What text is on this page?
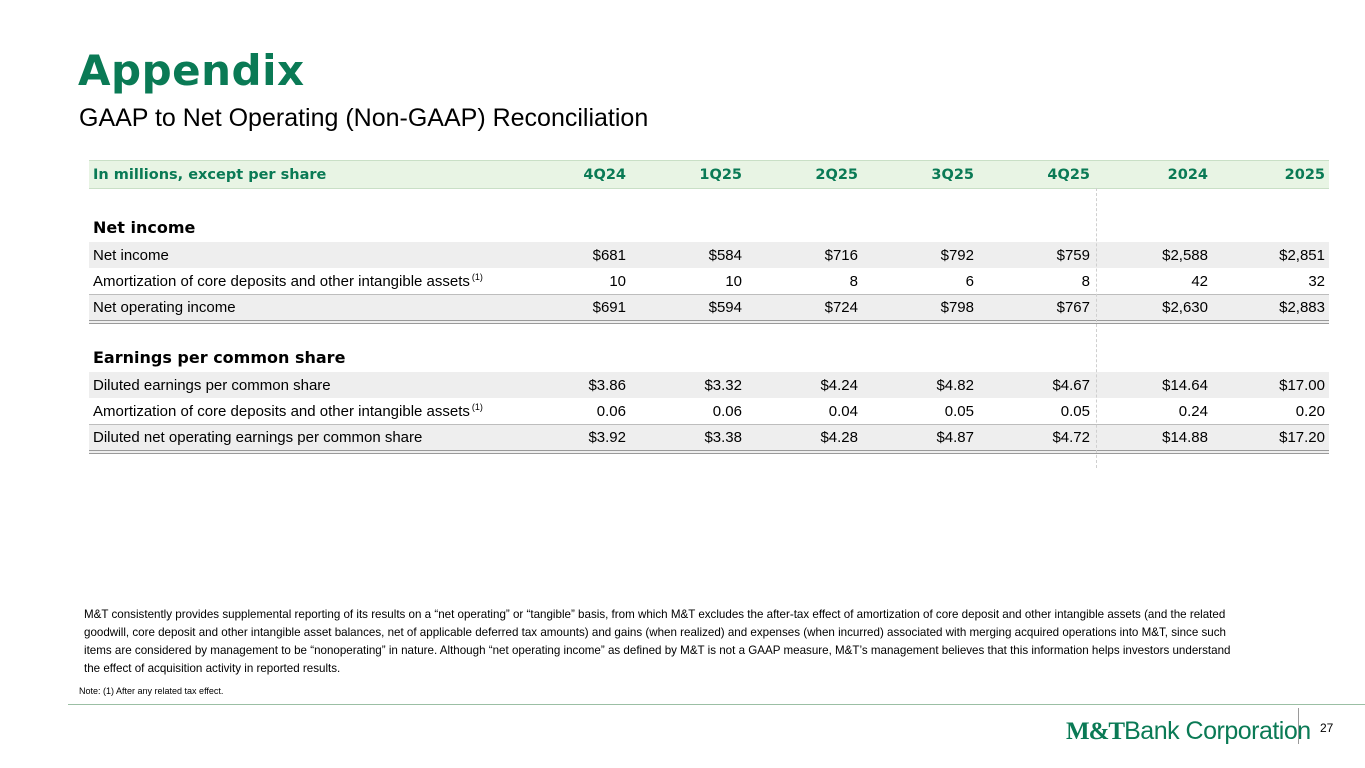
Appendix
GAAP to Net Operating (Non-GAAP) Reconciliation
In millions, except per share	4Q24	1Q25	2Q25	3Q25	4Q25	2024	2025
Net income
Net income	$681	$584	$716	$792	$759	$2,588	$2,851
Amortization of core deposits and other intangible assets$^{(1)}$	10	10	8	6	8	42	32
Net operating income	$691	$594	$724	$798	$767	$2,630	$2,883
Earnings per common share
Diluted earnings per common share	$3.86	$3.32	$4.24	$4.82	$4.67	$14.64	$17.00
Amortization of core deposits and other intangible assets$^{(1)}$	0.06	0.06	0.04	0.05	0.05	0.24	0.20
Diluted net operating earnings per common share	$3.92	$3.38	$4.28	$4.87	$4.72	$14.88	$17.20
M&T consistently provides supplemental reporting of its results on a “net operating” or “tangible” basis, from which M&T excludes the after-tax effect of amortization of core deposit and other intangible assets (and the related goodwill, core deposit and other intangible asset balances, net of applicable deferred tax amounts) and gains (when realized) and expenses (when incurred) associated with merging acquired operations into M&T, since such items are considered by management to be “nonoperating” in nature. Although “net operating income” as defined by M&T is not a GAAP measure, M&T’s management believes that this information helps investors understand the effect of acquisition activity in reported results.
Note: (1) After any related tax effect.
M&TBank Corporation 27
